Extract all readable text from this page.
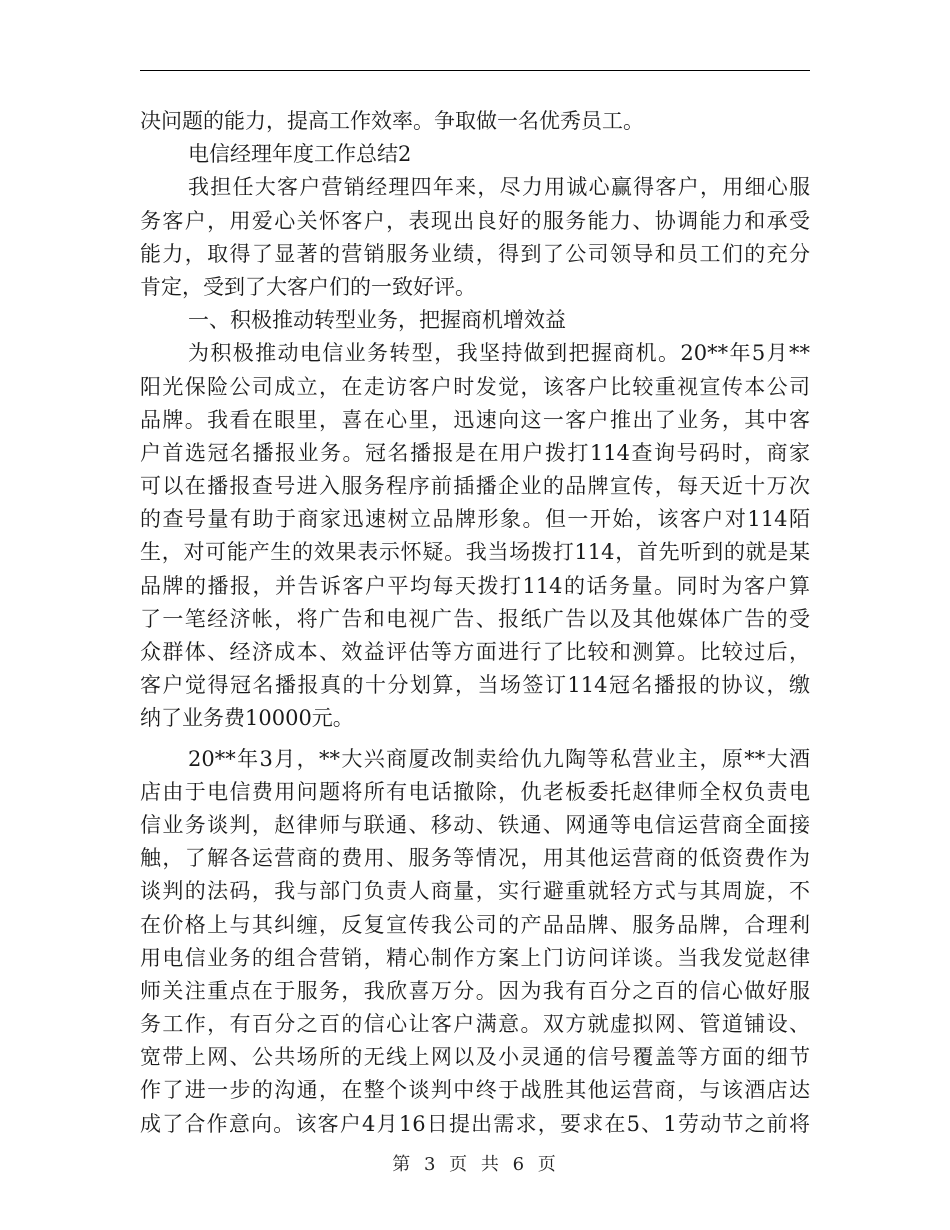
决问题的能力，提高工作效率。争取做一名优秀员工。
电信经理年度工作总结2
我担任大客户营销经理四年来，尽力用诚心赢得客户，用细心服
务客户，用爱心关怀客户，表现出良好的服务能力、协调能力和承受
能力，取得了显著的营销服务业绩，得到了公司领导和员工们的充分
肯定，受到了大客户们的一致好评。
一、积极推动转型业务，把握商机增效益
为积极推动电信业务转型，我坚持做到把握商机。20**年5月**
阳光保险公司成立，在走访客户时发觉，该客户比较重视宣传本公司
品牌。我看在眼里，喜在心里，迅速向这一客户推出了业务，其中客
户首选冠名播报业务。冠名播报是在用户拨打114查询号码时，商家
可以在播报查号进入服务程序前插播企业的品牌宣传，每天近十万次
的查号量有助于商家迅速树立品牌形象。但一开始，该客户对114陌
生，对可能产生的效果表示怀疑。我当场拨打114，首先听到的就是某
品牌的播报，并告诉客户平均每天拨打114的话务量。同时为客户算
了一笔经济帐，将广告和电视广告、报纸广告以及其他媒体广告的受
众群体、经济成本、效益评估等方面进行了比较和测算。比较过后，
客户觉得冠名播报真的十分划算，当场签订114冠名播报的协议，缴
纳了业务费10000元。
20**年3月，**大兴商厦改制卖给仇九陶等私营业主，原**大酒
店由于电信费用问题将所有电话撤除，仇老板委托赵律师全权负责电
信业务谈判，赵律师与联通、移动、铁通、网通等电信运营商全面接
触，了解各运营商的费用、服务等情况，用其他运营商的低资费作为
谈判的法码，我与部门负责人商量，实行避重就轻方式与其周旋，不
在价格上与其纠缠，反复宣传我公司的产品品牌、服务品牌，合理利
用电信业务的组合营销，精心制作方案上门访问详谈。当我发觉赵律
师关注重点在于服务，我欣喜万分。因为我有百分之百的信心做好服
务工作，有百分之百的信心让客户满意。双方就虚拟网、管道铺设、
宽带上网、公共场所的无线上网以及小灵通的信号覆盖等方面的细节
作了进一步的沟通，在整个谈判中终于战胜其他运营商，与该酒店达
成了合作意向。该客户4月16日提出需求，要求在5、1劳动节之前将
第 3 页 共 6 页
